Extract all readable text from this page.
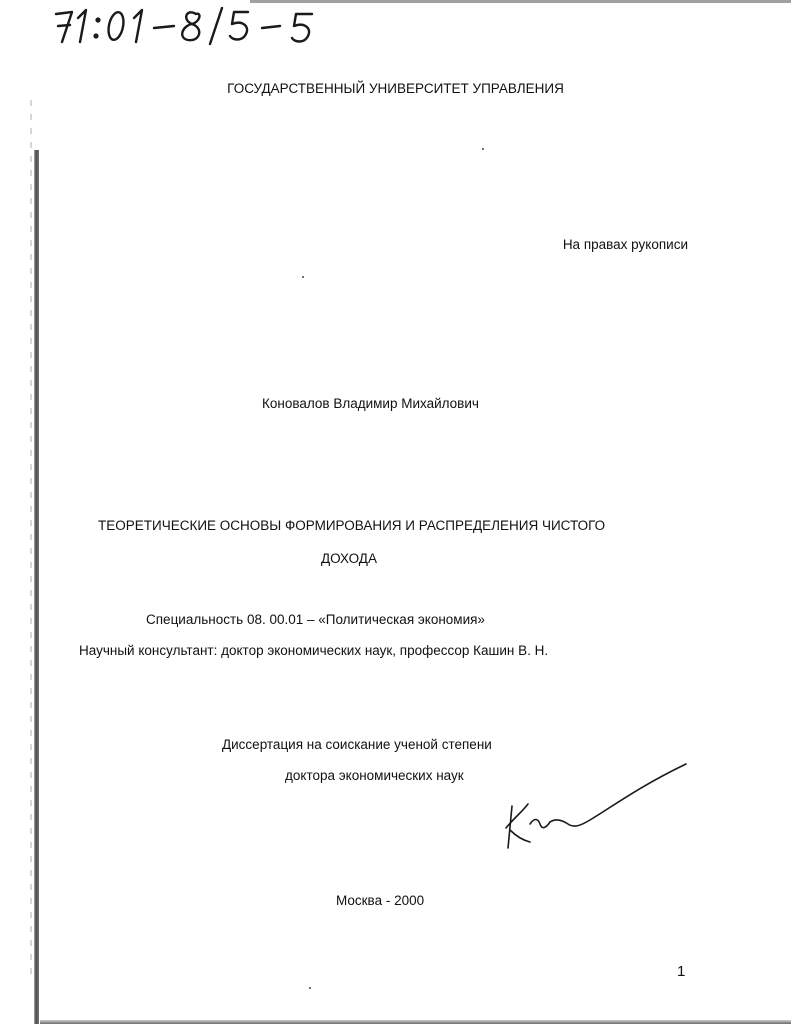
ГОСУДАРСТВЕННЫЙ УНИВЕРСИТЕТ УПРАВЛЕНИЯ
На правах рукописи
Коновалов Владимир Михайлович
ТЕОРЕТИЧЕСКИЕ ОСНОВЫ ФОРМИРОВАНИЯ И РАСПРЕДЕЛЕНИЯ ЧИСТОГО
ДОХОДА
Специальность 08. 00.01 – «Политическая экономия»
Научный консультант: доктор экономических наук, профессор Кашин В. Н.
Диссертация на соискание ученой степени
доктора экономических наук
Москва - 2000
1
